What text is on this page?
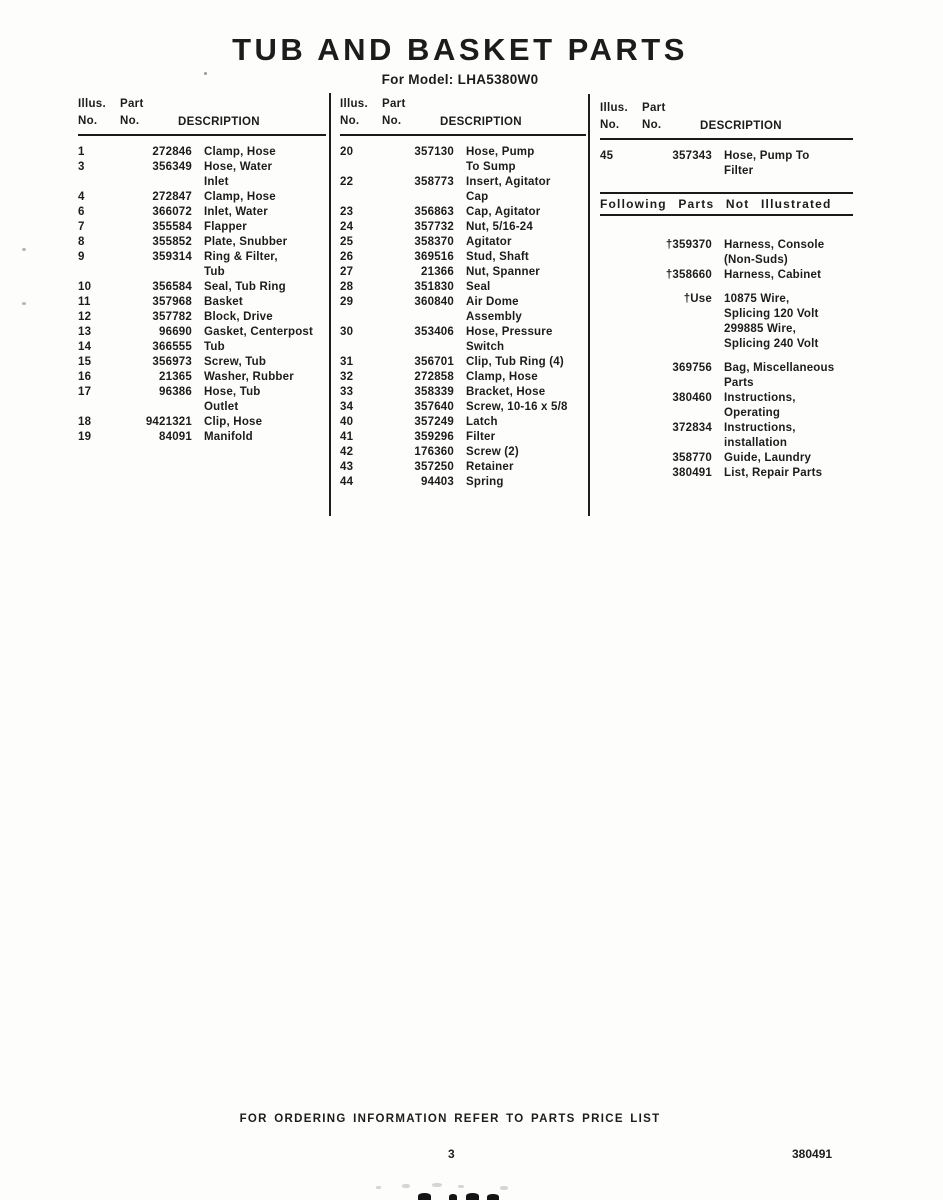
TUB AND BASKET PARTS
For Model: LHA5380W0
Illus. Part
No. No.	DESCRIPTION
1	272846 Clamp, Hose
3	356349 Hose, Water
Inlet
4	272847 Clamp, Hose
6	366072 Inlet, Water
7	355584 Flapper
8	355852 Plate, Snubber
9	359314 Ring & Filter,
Tub
10	356584 Seal, Tub Ring
11	357968 Basket
12	357782 Block, Drive
13	96690 Gasket, Centerpost
14	366555 Tub
15	356973 Screw, Tub
16	21365 Washer, Rubber
17	96386 Hose, Tub
Outlet
18	9421321 Clip, Hose
19	84091 Manifold
Illus. Part
No. No.	DESCRIPTION
20	357130 Hose, Pump
To Sump
22	358773 Insert, Agitator
Cap
23	356863 Cap, Agitator
24	357732 Nut, 5/16-24
25	358370 Agitator
26	369516 Stud, Shaft
27	21366 Nut, Spanner
28	351830 Seal
29	360840 Air Dome
Assembly
30	353406 Hose, Pressure
Switch
31	356701 Clip, Tub Ring (4)
32	272858 Clamp, Hose
33	358339 Bracket, Hose
34	357640 Screw, 10-16 x 5/8
40	357249 Latch
41	359296 Filter
42	176360 Screw (2)
43	357250 Retainer
44	94403 Spring
Illus. Part
No. No.	DESCRIPTION
45	357343 Hose, Pump To
Filter
Following Parts Not Illustrated
†359370 Harness, Console
(Non-Suds)
†358660 Harness, Cabinet
†Use 10875 Wire,
Splicing 120 Volt
299885 Wire,
Splicing 240 Volt
369756 Bag, Miscellaneous
Parts
380460 Instructions,
Operating
372834 Instructions,
installation
358770 Guide, Laundry
380491 List, Repair Parts
FOR ORDERING INFORMATION REFER TO PARTS PRICE LIST
3	380491
